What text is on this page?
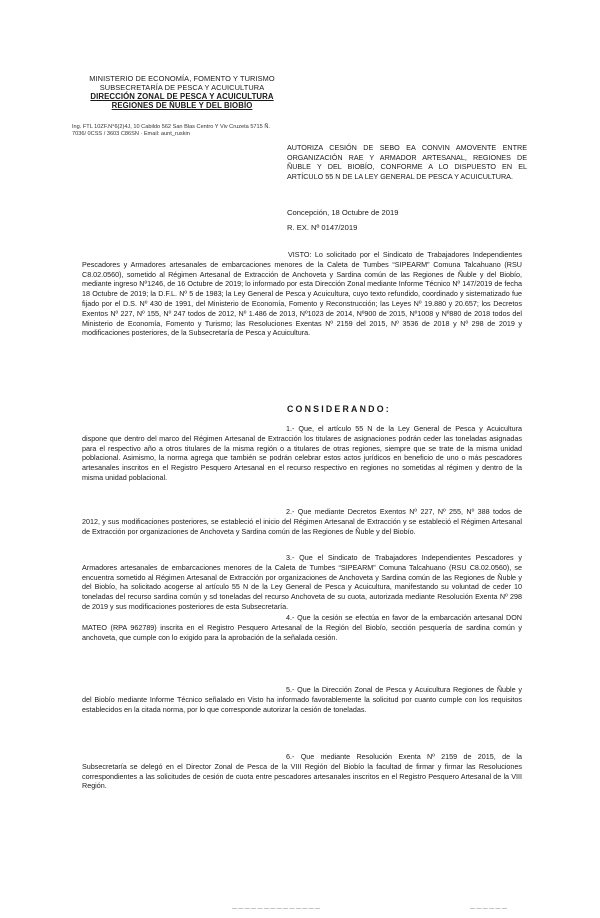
MINISTERIO DE ECONOMÍA, FOMENTO Y TURISMO
SUBSECRETARÍA DE PESCA Y ACUICULTURA
DIRECCIÓN ZONAL DE PESCA Y ACUICULTURA
REGIONES DE ÑUBLE Y DEL BIOBÍO
Ing. FTL 10ZF.N°6(2)4J, 10 Cabildo 562 San Blas Centro Y Viv Cruzeta 5715 Ñ. 7036/ 0CSS / 3603 C86SN · Email: aunt_ruskin
AUTORIZA CESIÓN DE SEBO EA CONVIN AMOVENTE ENTRE ORGANIZACIÓN RAE Y ARMADOR ARTESANAL, REGIONES DE ÑUBLE Y DEL BIOBÍO, CONFORME A LO DISPUESTO EN EL ARTÍCULO 55 N DE LA LEY GENERAL DE PESCA Y ACUICULTURA.
Concepción, 18 Octubre de 2019
R. EX. Nº 0147/2019
VISTO: Lo solicitado por el Sindicato de Trabajadores Independientes Pescadores y Armadores artesanales de embarcaciones menores de la Caleta de Tumbes “SIPEARM” Comuna Talcahuano (RSU C8.02.0560), sometido al Régimen Artesanal de Extracción de Anchoveta y Sardina común de las Regiones de Ñuble y del Biobío, mediante ingreso Nº1246, de 16 Octubre de 2019; lo informado por esta Dirección Zonal mediante Informe Técnico Nº 147/2019 de fecha 18 Octubre de 2019; la D.F.L. Nº 5 de 1983; la Ley General de Pesca y Acuicultura, cuyo texto refundido, coordinado y sistematizado fue fijado por el D.S. Nº 430 de 1991, del Ministerio de Economía, Fomento y Reconstrucción; las Leyes Nº 19.880 y 20.657; los Decretos Exentos Nº 227, Nº 155, Nº 247 todos de 2012, Nº 1.486 de 2013, Nº1023 de 2014, Nº900 de 2015, Nº1008 y Nº880 de 2018 todos del Ministerio de Economía, Fomento y Turismo; las Resoluciones Exentas Nº 2159 del 2015, Nº 3536 de 2018 y Nº 298 de 2019 y modificaciones posteriores, de la Subsecretaría de Pesca y Acuicultura.
CONSIDERANDO:
1.- Que, el artículo 55 N de la Ley General de Pesca y Acuicultura dispone que dentro del marco del Régimen Artesanal de Extracción los titulares de asignaciones podrán ceder las toneladas asignadas para el respectivo año a otros titulares de la misma región o a titulares de otras regiones, siempre que se trate de la misma unidad poblacional. Asimismo, la norma agrega que también se podrán celebrar estos actos jurídicos en beneficio de uno o más pescadores artesanales inscritos en el Registro Pesquero Artesanal en el recurso respectivo en regiones no sometidas al régimen y dentro de la misma unidad poblacional.
2.- Que mediante Decretos Exentos Nº 227, Nº 255, Nº 388 todos de 2012, y sus modificaciones posteriores, se estableció el inicio del Régimen Artesanal de Extracción y se estableció el Régimen Artesanal de Extracción por organizaciones de Anchoveta y Sardina común de las Regiones de Ñuble y del Biobío.
3.- Que el Sindicato de Trabajadores Independientes Pescadores y Armadores artesanales de embarcaciones menores de la Caleta de Tumbes “SIPEARM” Comuna Talcahuano (RSU C8.02.0560), se encuentra sometido al Régimen Artesanal de Extracción por organizaciones de Anchoveta y Sardina común de las Regiones de Ñuble y del Biobío, ha solicitado acogerse al artículo 55 N de la Ley General de Pesca y Acuicultura, manifestando su voluntad de ceder 10 toneladas del recurso sardina común y sd toneladas del recurso Anchoveta de su cuota, autorizada mediante Resolución Exenta Nº 298 de 2019 y sus modificaciones posteriores de esta Subsecretaría.
4.- Que la cesión se efectúa en favor de la embarcación artesanal DON MATEO (RPA 962789) inscrita en el Registro Pesquero Artesanal de la Región del Biobío, sección pesquería de sardina común y anchoveta, que cumple con lo exigido para la aprobación de la señalada cesión.
5.- Que la Dirección Zonal de Pesca y Acuicultura Regiones de Ñuble y del Biobío mediante Informe Técnico señalado en Visto ha informado favorablemente la solicitud por cuanto cumple con los requisitos establecidos en la citada norma, por lo que corresponde autorizar la cesión de toneladas.
6.- Que mediante Resolución Exenta Nº 2159 de 2015, de la Subsecretaría se delegó en el Director Zonal de Pesca de la VIII Región del Biobío la facultad de firmar y firmar las Resoluciones correspondientes a las solicitudes de cesión de cuota entre pescadores artesanales inscritos en el Registro Pesquero Artesanal de la VIII Región.
— — — — — — — — — — — — — —	— — — — — —
